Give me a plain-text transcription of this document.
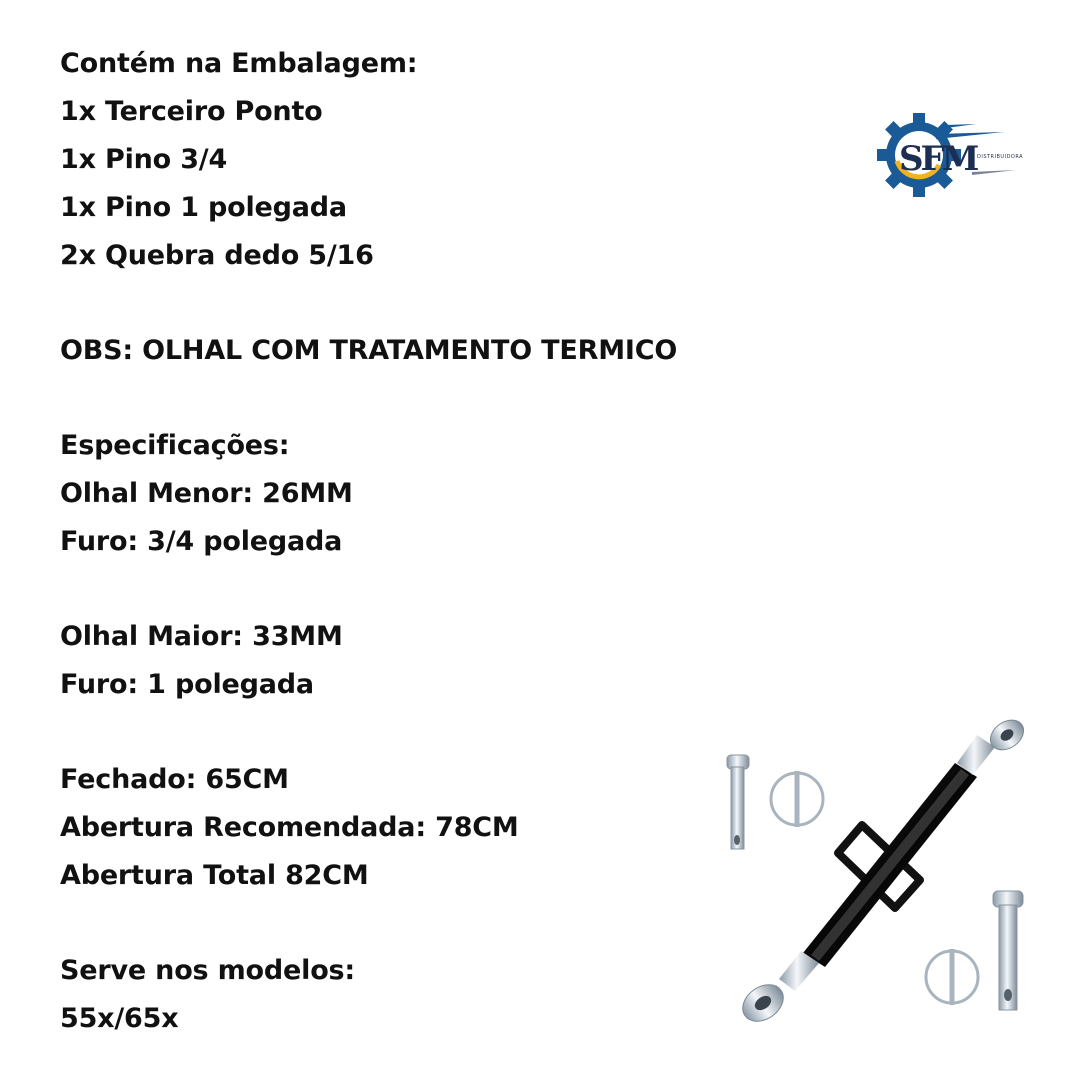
Contém na Embalagem:
1x Terceiro Ponto
1x Pino 3/4
1x Pino 1 polegada
2x Quebra dedo 5/16
OBS: OLHAL COM TRATAMENTO TERMICO
Especificações:
Olhal Menor: 26MM
Furo: 3/4 polegada
Olhal Maior: 33MM
Furo: 1 polegada
Fechado: 65CM
Abertura Recomendada: 78CM
Abertura Total 82CM
Serve nos modelos:
55x/65x
SFM DISTRIBUIDORA
